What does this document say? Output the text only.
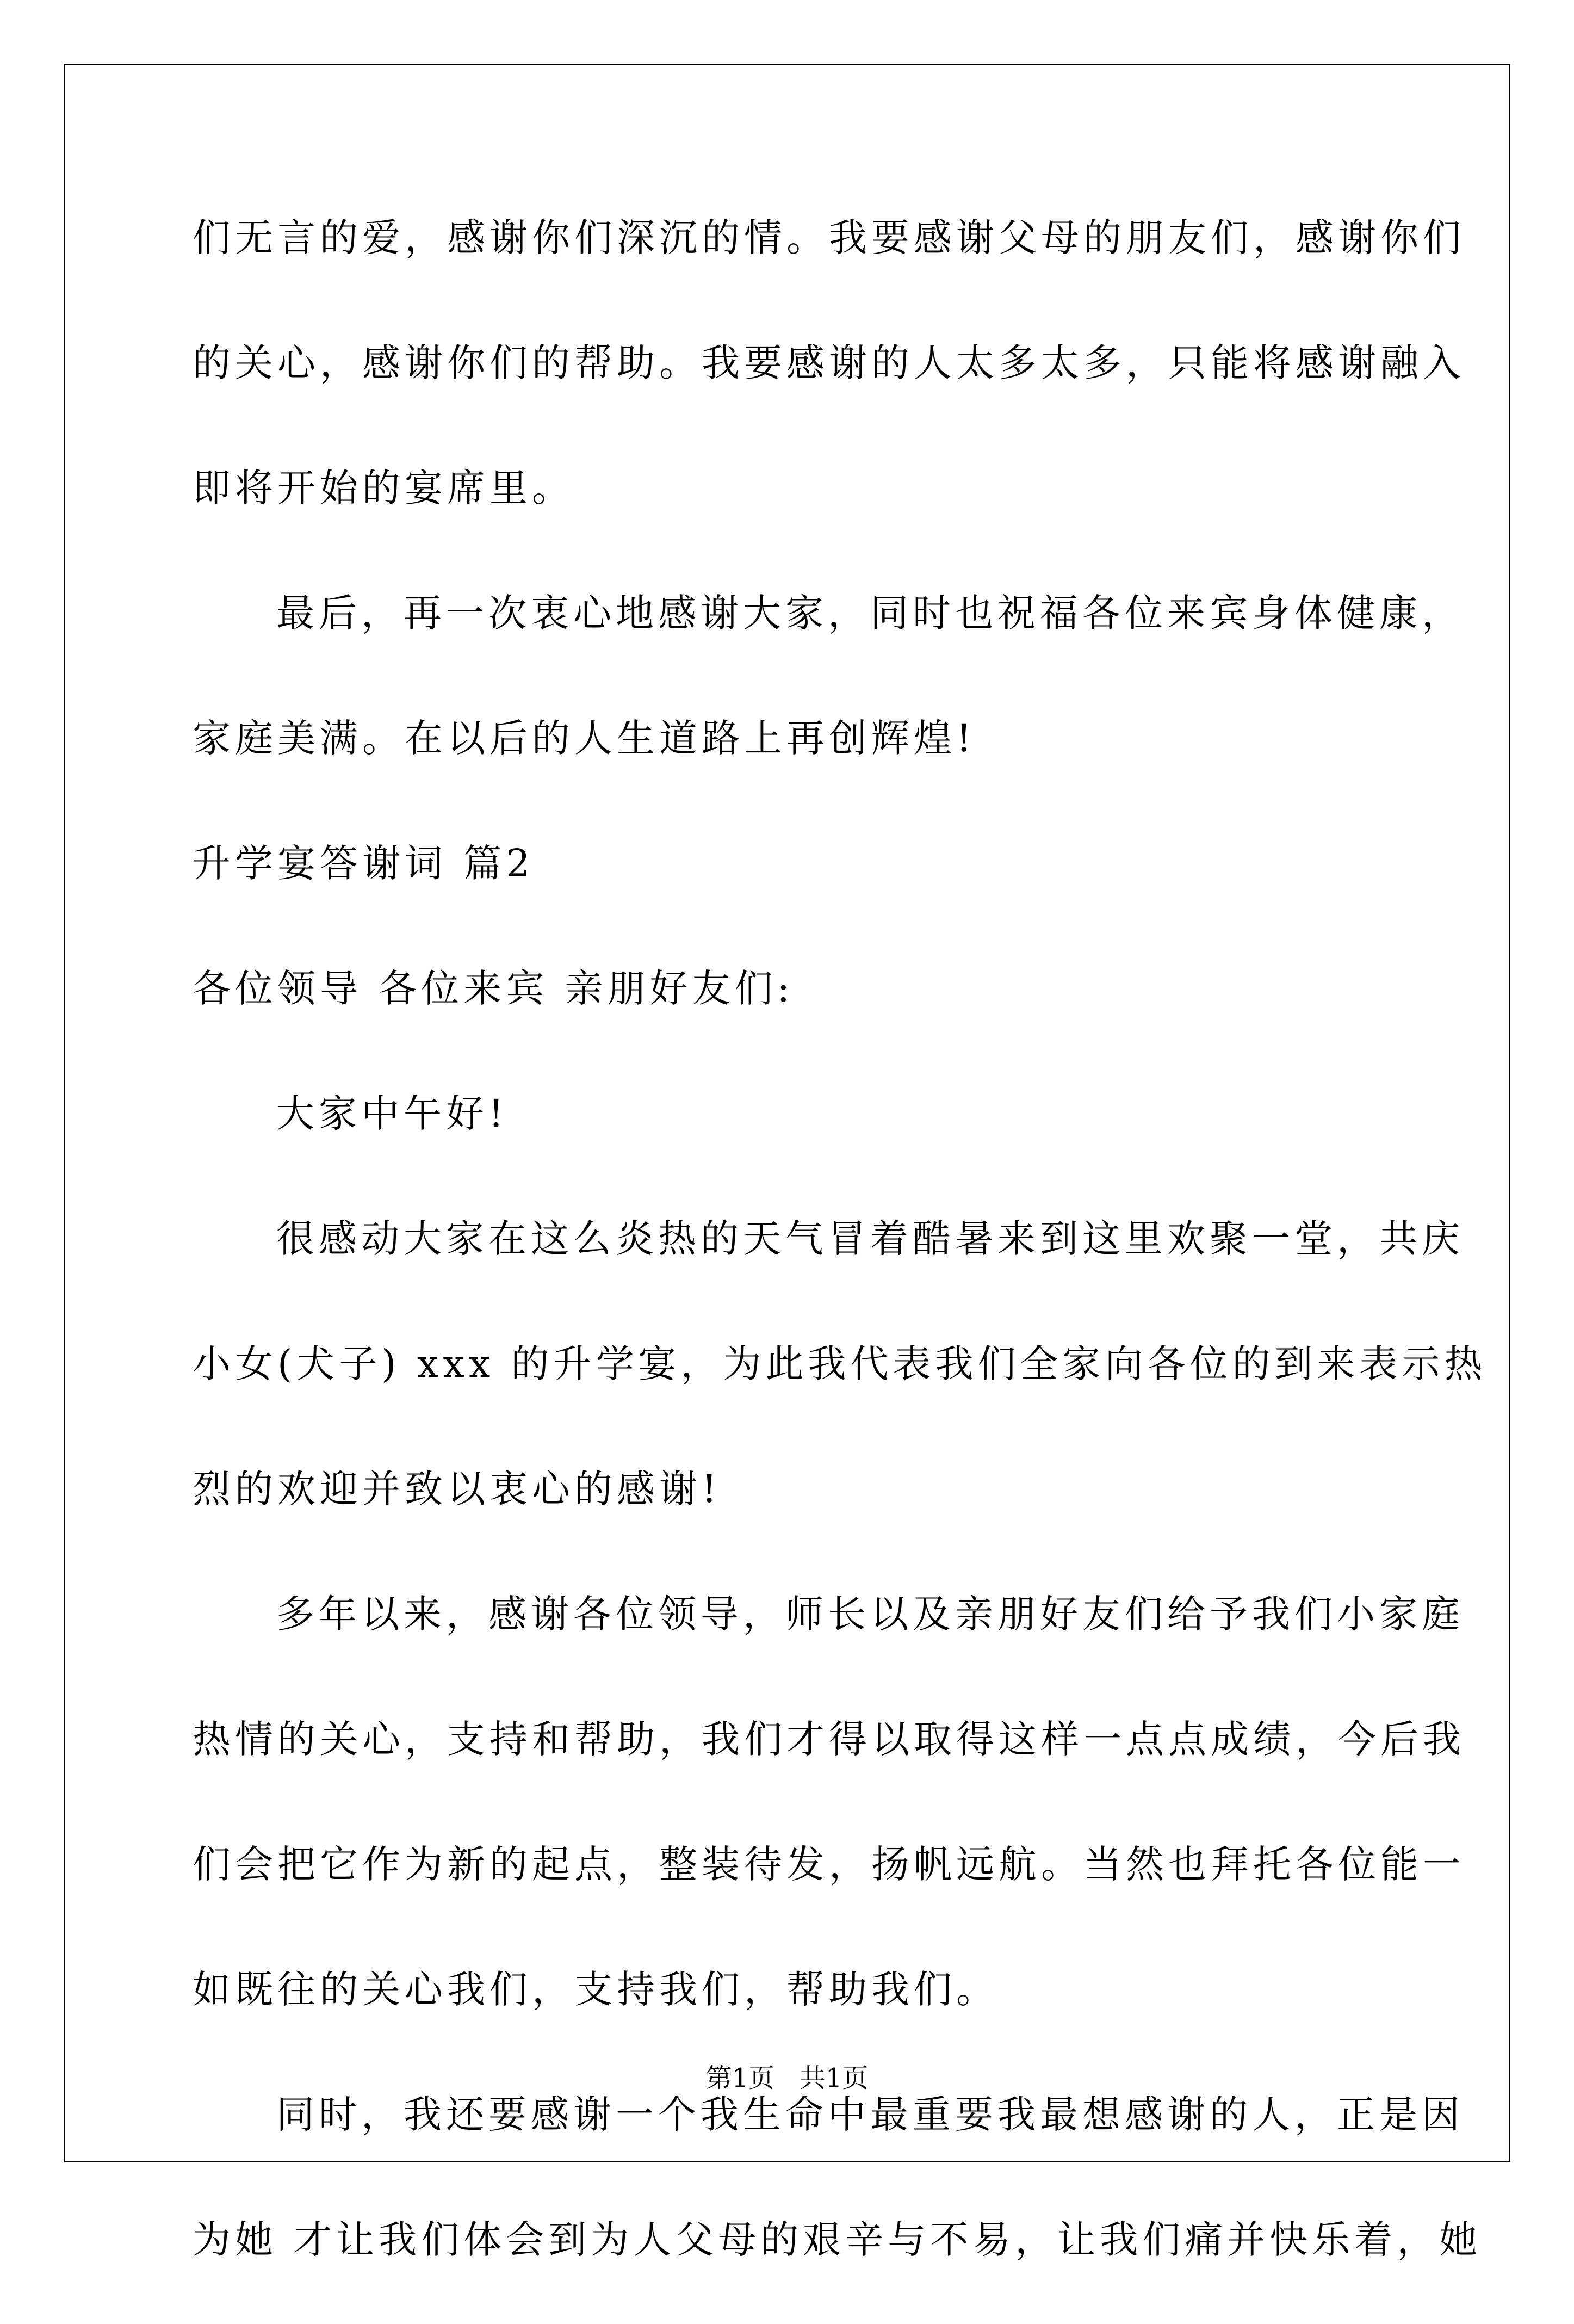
们无言的爱，感谢你们深沉的情。我要感谢父母的朋友们，感谢你们

的关心，感谢你们的帮助。我要感谢的人太多太多，只能将感谢融入

即将开始的宴席里。

最后，再一次衷心地感谢大家，同时也祝福各位来宾身体健康，

家庭美满。在以后的人生道路上再创辉煌!

升学宴答谢词 篇2

各位领导 各位来宾 亲朋好友们:

大家中午好!

很感动大家在这么炎热的天气冒着酷暑来到这里欢聚一堂，共庆

小女(犬子) xxx 的升学宴，为此我代表我们全家向各位的到来表示热

烈的欢迎并致以衷心的感谢!

多年以来，感谢各位领导，师长以及亲朋好友们给予我们小家庭

热情的关心，支持和帮助，我们才得以取得这样一点点成绩，今后我

们会把它作为新的起点，整装待发，扬帆远航。当然也拜托各位能一

如既往的关心我们，支持我们，帮助我们。

同时，我还要感谢一个我生命中最重要我最想感谢的人，正是因

为她 才让我们体会到为人父母的艰辛与不易，让我们痛并快乐着，她

第1页   共1页
